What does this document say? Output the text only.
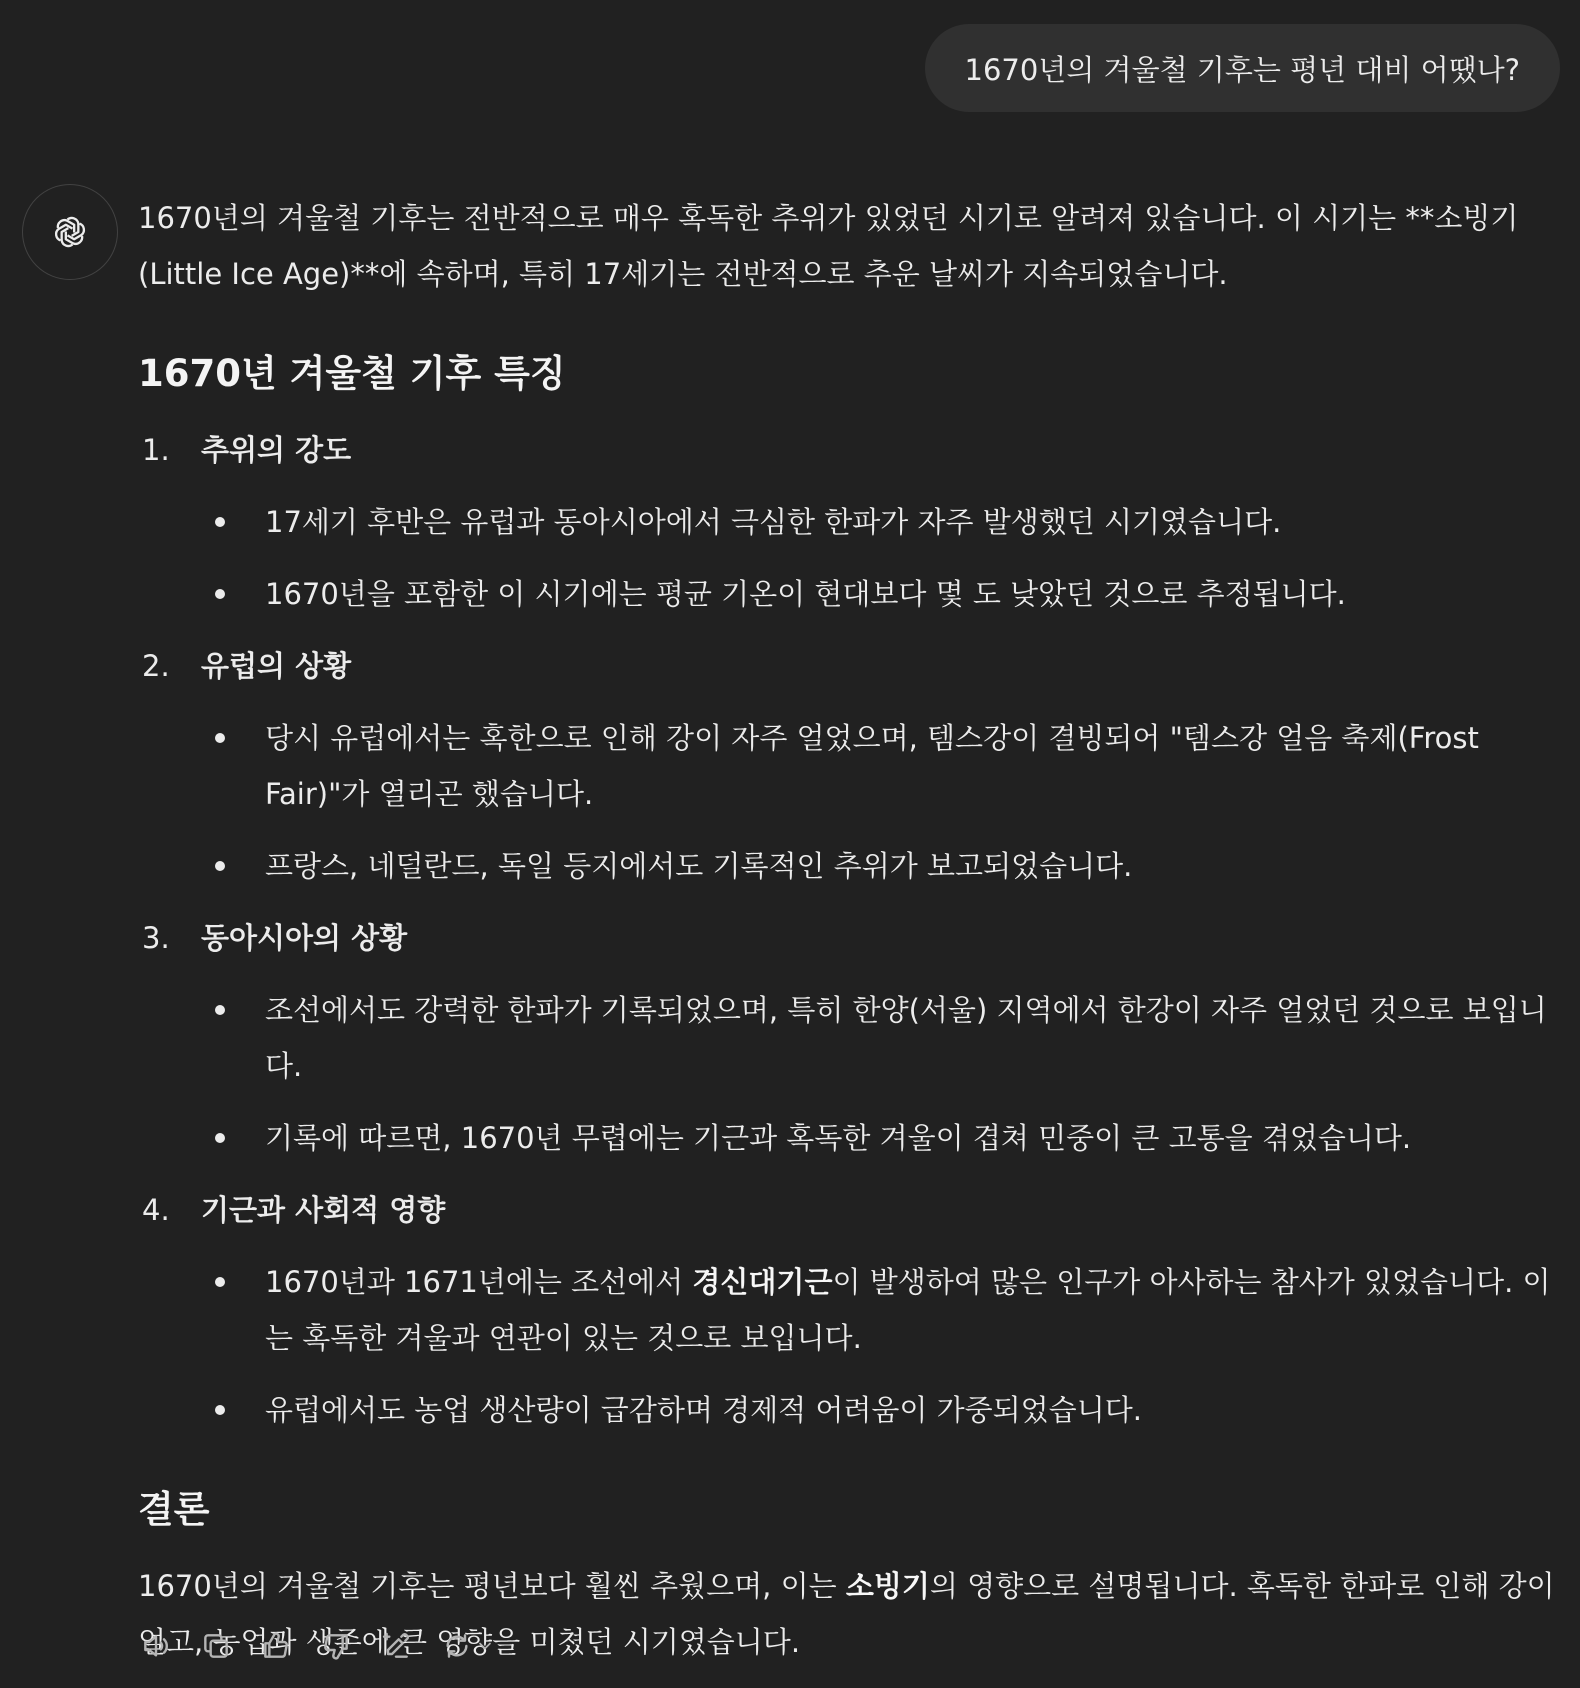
1670년의 겨울철 기후는 평년 대비 어땠나?

1670년의 겨울철 기후는 전반적으로 매우 혹독한 추위가 있었던 시기로 알려져 있습니다. 이 시기는 **소빙기 (Little Ice Age)**에 속하며, 특히 17세기는 전반적으로 추운 날씨가 지속되었습니다.

1670년 겨울철 기후 특징
1.	추위의 강도
17세기 후반은 유럽과 동아시아에서 극심한 한파가 자주 발생했던 시기였습니다.
1670년을 포함한 이 시기에는 평균 기온이 현대보다 몇 도 낮았던 것으로 추정됩니다.
2.	유럽의 상황
당시 유럽에서는 혹한으로 인해 강이 자주 얼었으며, 템스강이 결빙되어 "템스강 얼음 축제(Frost Fair)"가 열리곤 했습니다.
프랑스, 네덜란드, 독일 등지에서도 기록적인 추위가 보고되었습니다.
3.	동아시아의 상황
조선에서도 강력한 한파가 기록되었으며, 특히 한양(서울) 지역에서 한강이 자주 얼었던 것으로 보입니다.
기록에 따르면, 1670년 무렵에는 기근과 혹독한 겨울이 겹쳐 민중이 큰 고통을 겪었습니다.
4.	기근과 사회적 영향
1670년과 1671년에는 조선에서 경신대기근이 발생하여 많은 인구가 아사하는 참사가 있었습니다. 이는 혹독한 겨울과 연관이 있는 것으로 보입니다.
유럽에서도 농업 생산량이 급감하며 경제적 어려움이 가중되었습니다.
결론

1670년의 겨울철 기후는 평년보다 훨씬 추웠으며, 이는 소빙기의 영향으로 설명됩니다. 혹독한 한파로 인해 강이 얼고, 농업과 생존에 큰 영향을 미쳤던 시기였습니다.
